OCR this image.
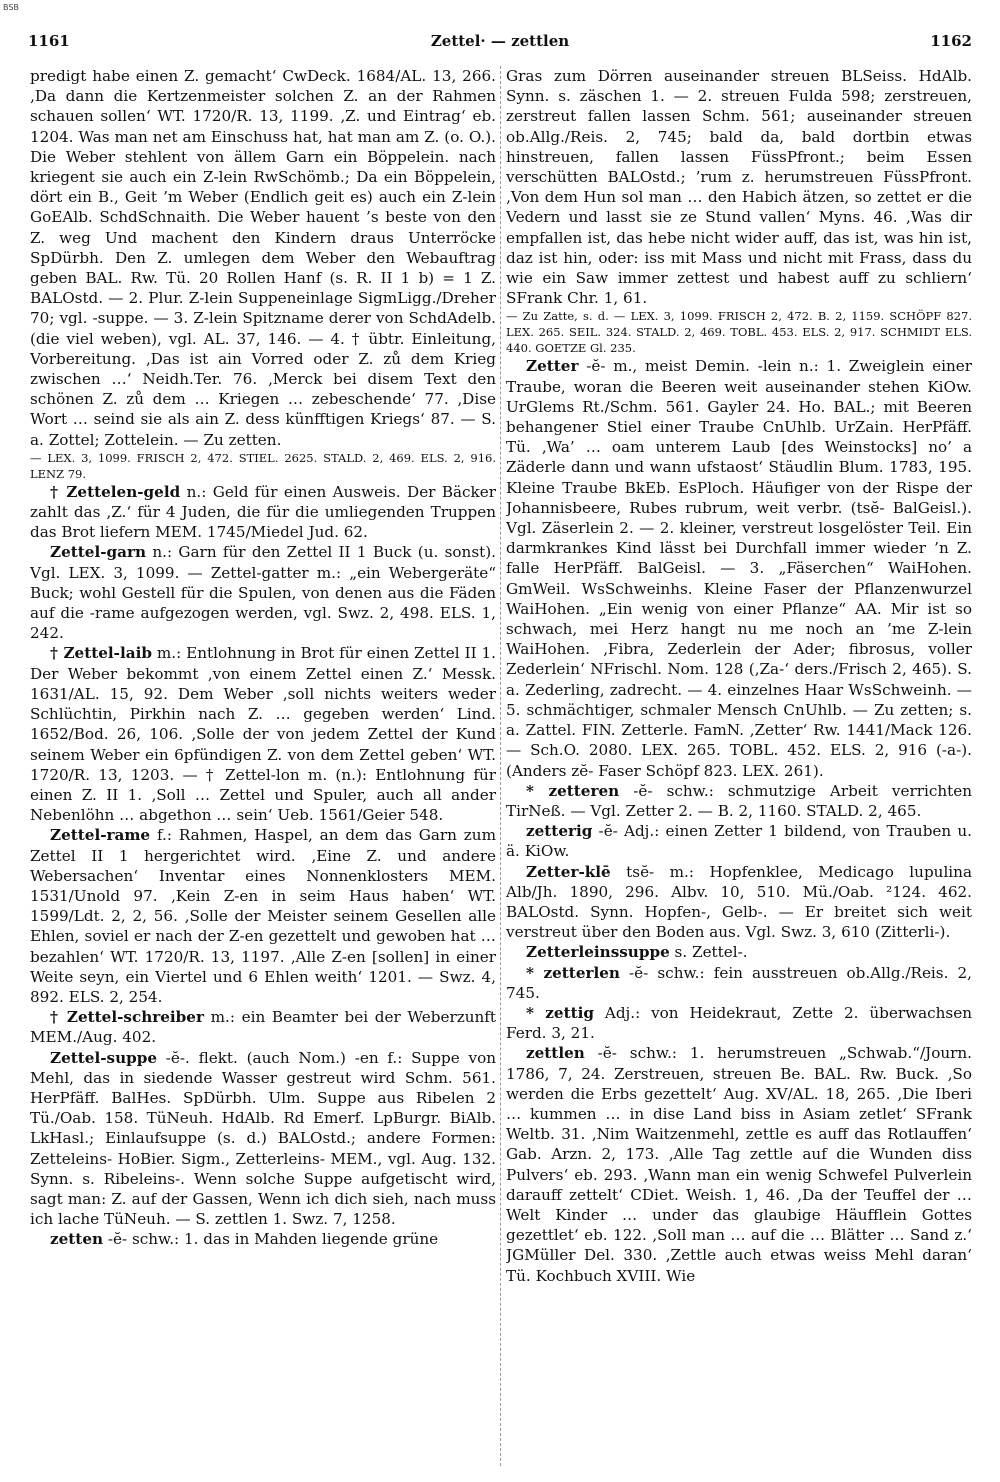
BSB
1161	Zettel· — zettlen	1162

predigt habe einen Z. gemacht‘ CwDeck. 1684/AL. 13, 266. ‚Da dann die Kertzenmeister solchen Z. an der Rahmen schauen sollen‘ WT. 1720/R. 13, 1199. ‚Z. und Eintrag‘ eb. 1204. Was man net am Einschuss hat, hat man am Z. (o. O.). Die Weber stehlent von ällem Garn ein Böppelein. nach kriegent sie auch ein Z-lein RwSchömb.; Da ein Böppelein, dört ein B., Geit ’m Weber (Endlich geit es) auch ein Z-lein GoEAlb. SchdSchnaith. Die Weber hauent ’s beste von den Z. weg Und machent den Kindern draus Unterröcke SpDürbh. Den Z. umlegen dem Weber den Webauftrag geben BAL. Rw. Tü. 20 Rollen Hanf (s. R. II 1 b) = 1 Z. BALOstd. — 2. Plur. Z-lein Suppeneinlage SigmLigg./Dreher 70; vgl. -suppe. — 3. Z-lein Spitzname derer von SchdAdelb. (die viel weben), vgl. AL. 37, 146. — 4. † übtr. Einleitung, Vorbereitung. ‚Das ist ain Vorred oder Z. zů dem Krieg zwischen …‘ Neidh.Ter. 76. ‚Merck bei disem Text den schönen Z. zů dem … Kriegen … zebeschende‘ 77. ‚Dise Wort … seind sie als ain Z. dess künfftigen Kriegs‘ 87. — S. a. Zottel; Zottelein. — Zu zetten.

— LEX. 3, 1099. FRISCH 2, 472. STIEL. 2625. STALD. 2, 469. ELS. 2, 916. LENZ 79.

† Zettelen-geld n.: Geld für einen Ausweis. Der Bäcker zahlt das ‚Z.‘ für 4 Juden, die für die umliegenden Truppen das Brot liefern MEM. 1745/Miedel Jud. 62.

Zettel-garn n.: Garn für den Zettel II 1 Buck (u. sonst). Vgl. LEX. 3, 1099. — Zettel-gatter m.: „ein Webergeräte“ Buck; wohl Gestell für die Spulen, von denen aus die Fäden auf die -rame aufgezogen werden, vgl. Swz. 2, 498. ELS. 1, 242.

† Zettel-laib m.: Entlohnung in Brot für einen Zettel II 1. Der Weber bekommt ‚von einem Zettel einen Z.‘ Messk. 1631/AL. 15, 92. Dem Weber ‚soll nichts weiters weder Schlüchtin, Pirkhin nach Z. … gegeben werden‘ Lind. 1652/Bod. 26, 106. ‚Solle der von jedem Zettel der Kund seinem Weber ein 6pfündigen Z. von dem Zettel geben‘ WT. 1720/R. 13, 1203. — † Zettel-lon m. (n.): Entlohnung für einen Z. II 1. ‚Soll … Zettel und Spuler, auch all ander Nebenlöhn … abgethon … sein‘ Ueb. 1561/Geier 548.

Zettel-rame f.: Rahmen, Haspel, an dem das Garn zum Zettel II 1 hergerichtet wird. ‚Eine Z. und andere Webersachen‘ Inventar eines Nonnenklosters MEM. 1531/Unold 97. ‚Kein Z-en in seim Haus haben‘ WT. 1599/Ldt. 2, 2, 56. ‚Solle der Meister seinem Gesellen alle Ehlen, soviel er nach der Z-en gezettelt und gewoben hat … bezahlen‘ WT. 1720/R. 13, 1197. ‚Alle Z-en [sollen] in einer Weite seyn, ein Viertel und 6 Ehlen weith‘ 1201. — Swz. 4, 892. ELS. 2, 254.

† Zettel-schreiber m.: ein Beamter bei der Weberzunft MEM./Aug. 402.

Zettel-suppe -ĕ-. flekt. (auch Nom.) -en f.: Suppe von Mehl, das in siedende Wasser gestreut wird Schm. 561. HerPfäff. BalHes. SpDürbh. Ulm. Suppe aus Ribelen 2 Tü./Oab. 158. TüNeuh. HdAlb. Rd Emerf. LpBurgr. BiAlb. LkHasl.; Einlaufsuppe (s. d.) BALOstd.; andere Formen: Zetteleins- HoBier. Sigm., Zetterleins- MEM., vgl. Aug. 132. Synn. s. Ribeleins-. Wenn solche Suppe aufgetischt wird, sagt man: Z. auf der Gassen, Wenn ich dich sieh, nach muss ich lache TüNeuh. — S. zettlen 1. Swz. 7, 1258.

zetten -ĕ- schw.: 1. das in Mahden liegende grüne

Gras zum Dörren auseinander streuen BLSeiss. HdAlb. Synn. s. zäschen 1. — 2. streuen Fulda 598; zerstreuen, zerstreut fallen lassen Schm. 561; auseinander streuen ob.Allg./Reis. 2, 745; bald da, bald dortbin etwas hinstreuen, fallen lassen FüssPfront.; beim Essen verschütten BALOstd.; ’rum z. herumstreuen FüssPfront. ‚Von dem Hun sol man … den Habich ätzen, so zettet er die Vedern und lasst sie ze Stund vallen‘ Myns. 46. ‚Was dir empfallen ist, das hebe nicht wider auff, das ist, was hin ist, daz ist hin, oder: iss mit Mass und nicht mit Frass, dass du wie ein Saw immer zettest und habest auff zu schliern‘ SFrank Chr. 1, 61.

— Zu Zatte, s. d. — LEX. 3, 1099. FRISCH 2, 472. B. 2, 1159. SCHÖPF 827. LEX. 265. SEIL. 324. STALD. 2, 469. TOBL. 453. ELS. 2, 917. SCHMIDT ELS. 440. GOETZE Gl. 235.

Zetter -ĕ- m., meist Demin. -lein n.: 1. Zweiglein einer Traube, woran die Beeren weit auseinander stehen KiOw. UrGlems Rt./Schm. 561. Gayler 24. Ho. BAL.; mit Beeren behangener Stiel einer Traube CnUhlb. UrZain. HerPfäff. Tü. ‚Wa’ … oam unterem Laub [des Weinstocks] no’ a Zäderle dann und wann ufstaost‘ Stäudlin Blum. 1783, 195. Kleine Traube BkEb. EsPloch. Häufiger von der Rispe der Johannisbeere, Rubes rubrum, weit verbr. (tsĕ- BalGeisl.). Vgl. Zäserlein 2. — 2. kleiner, verstreut losgelöster Teil. Ein darmkrankes Kind lässt bei Durchfall immer wieder ’n Z. falle HerPfäff. BalGeisl. — 3. „Fäserchen“ WaiHohen. GmWeil. WsSchweinhs. Kleine Faser der Pflanzenwurzel WaiHohen. „Ein wenig von einer Pflanze“ AA. Mir ist so schwach, mei Herz hangt nu me noch an ’me Z-lein WaiHohen. ‚Fibra, Zederlein der Ader; fibrosus, voller Zederlein‘ NFrischl. Nom. 128 (‚Za-‘ ders./Frisch 2, 465). S. a. Zederling, zadrecht. — 4. einzelnes Haar WsSchweinh. — 5. schmächtiger, schmaler Mensch CnUhlb. — Zu zetten; s. a. Zattel. FIN. Zetterle. FamN. ‚Zetter‘ Rw. 1441/Mack 126. — Sch.O. 2080. LEX. 265. TOBL. 452. ELS. 2, 916 (-a-). (Anders zĕ- Faser Schöpf 823. LEX. 261).

* zetteren -ĕ- schw.: schmutzige Arbeit verrichten TirNeß. — Vgl. Zetter 2. — B. 2, 1160. STALD. 2, 465.

zetterig -ĕ- Adj.: einen Zetter 1 bildend, von Trauben u. ä. KiOw.

Zetter-klē tsĕ- m.: Hopfenklee, Medicago lupulina Alb/Jh. 1890, 296. Albv. 10, 510. Mü./Oab. ²124. 462. BALOstd. Synn. Hopfen-, Gelb-. — Er breitet sich weit verstreut über den Boden aus. Vgl. Swz. 3, 610 (Zitterli-).

Zetterleinssuppe s. Zettel-.

* zetterlen -ĕ- schw.: fein ausstreuen ob.Allg./Reis. 2, 745.

* zettig Adj.: von Heidekraut, Zette 2. überwachsen Ferd. 3, 21.

zettlen -ĕ- schw.: 1. herumstreuen „Schwab.“/Journ. 1786, 7, 24. Zerstreuen, streuen Be. BAL. Rw. Buck. ‚So werden die Erbs gezettelt‘ Aug. XV/AL. 18, 265. ‚Die Iberi … kummen … in dise Land biss in Asiam zetlet‘ SFrank Weltb. 31. ‚Nim Waitzenmehl, zettle es auff das Rotlauffen‘ Gab. Arzn. 2, 173. ‚Alle Tag zettle auf die Wunden diss Pulvers‘ eb. 293. ‚Wann man ein wenig Schwefel Pulverlein darauff zettelt‘ CDiet. Weish. 1, 46. ‚Da der Teuffel der … Welt Kinder … under das glaubige Häufflein Gottes gezettlet‘ eb. 122. ‚Soll man … auf die … Blätter … Sand z.‘ JGMüller Del. 330. ‚Zettle auch etwas weiss Mehl daran‘ Tü. Kochbuch XVIII. Wie
